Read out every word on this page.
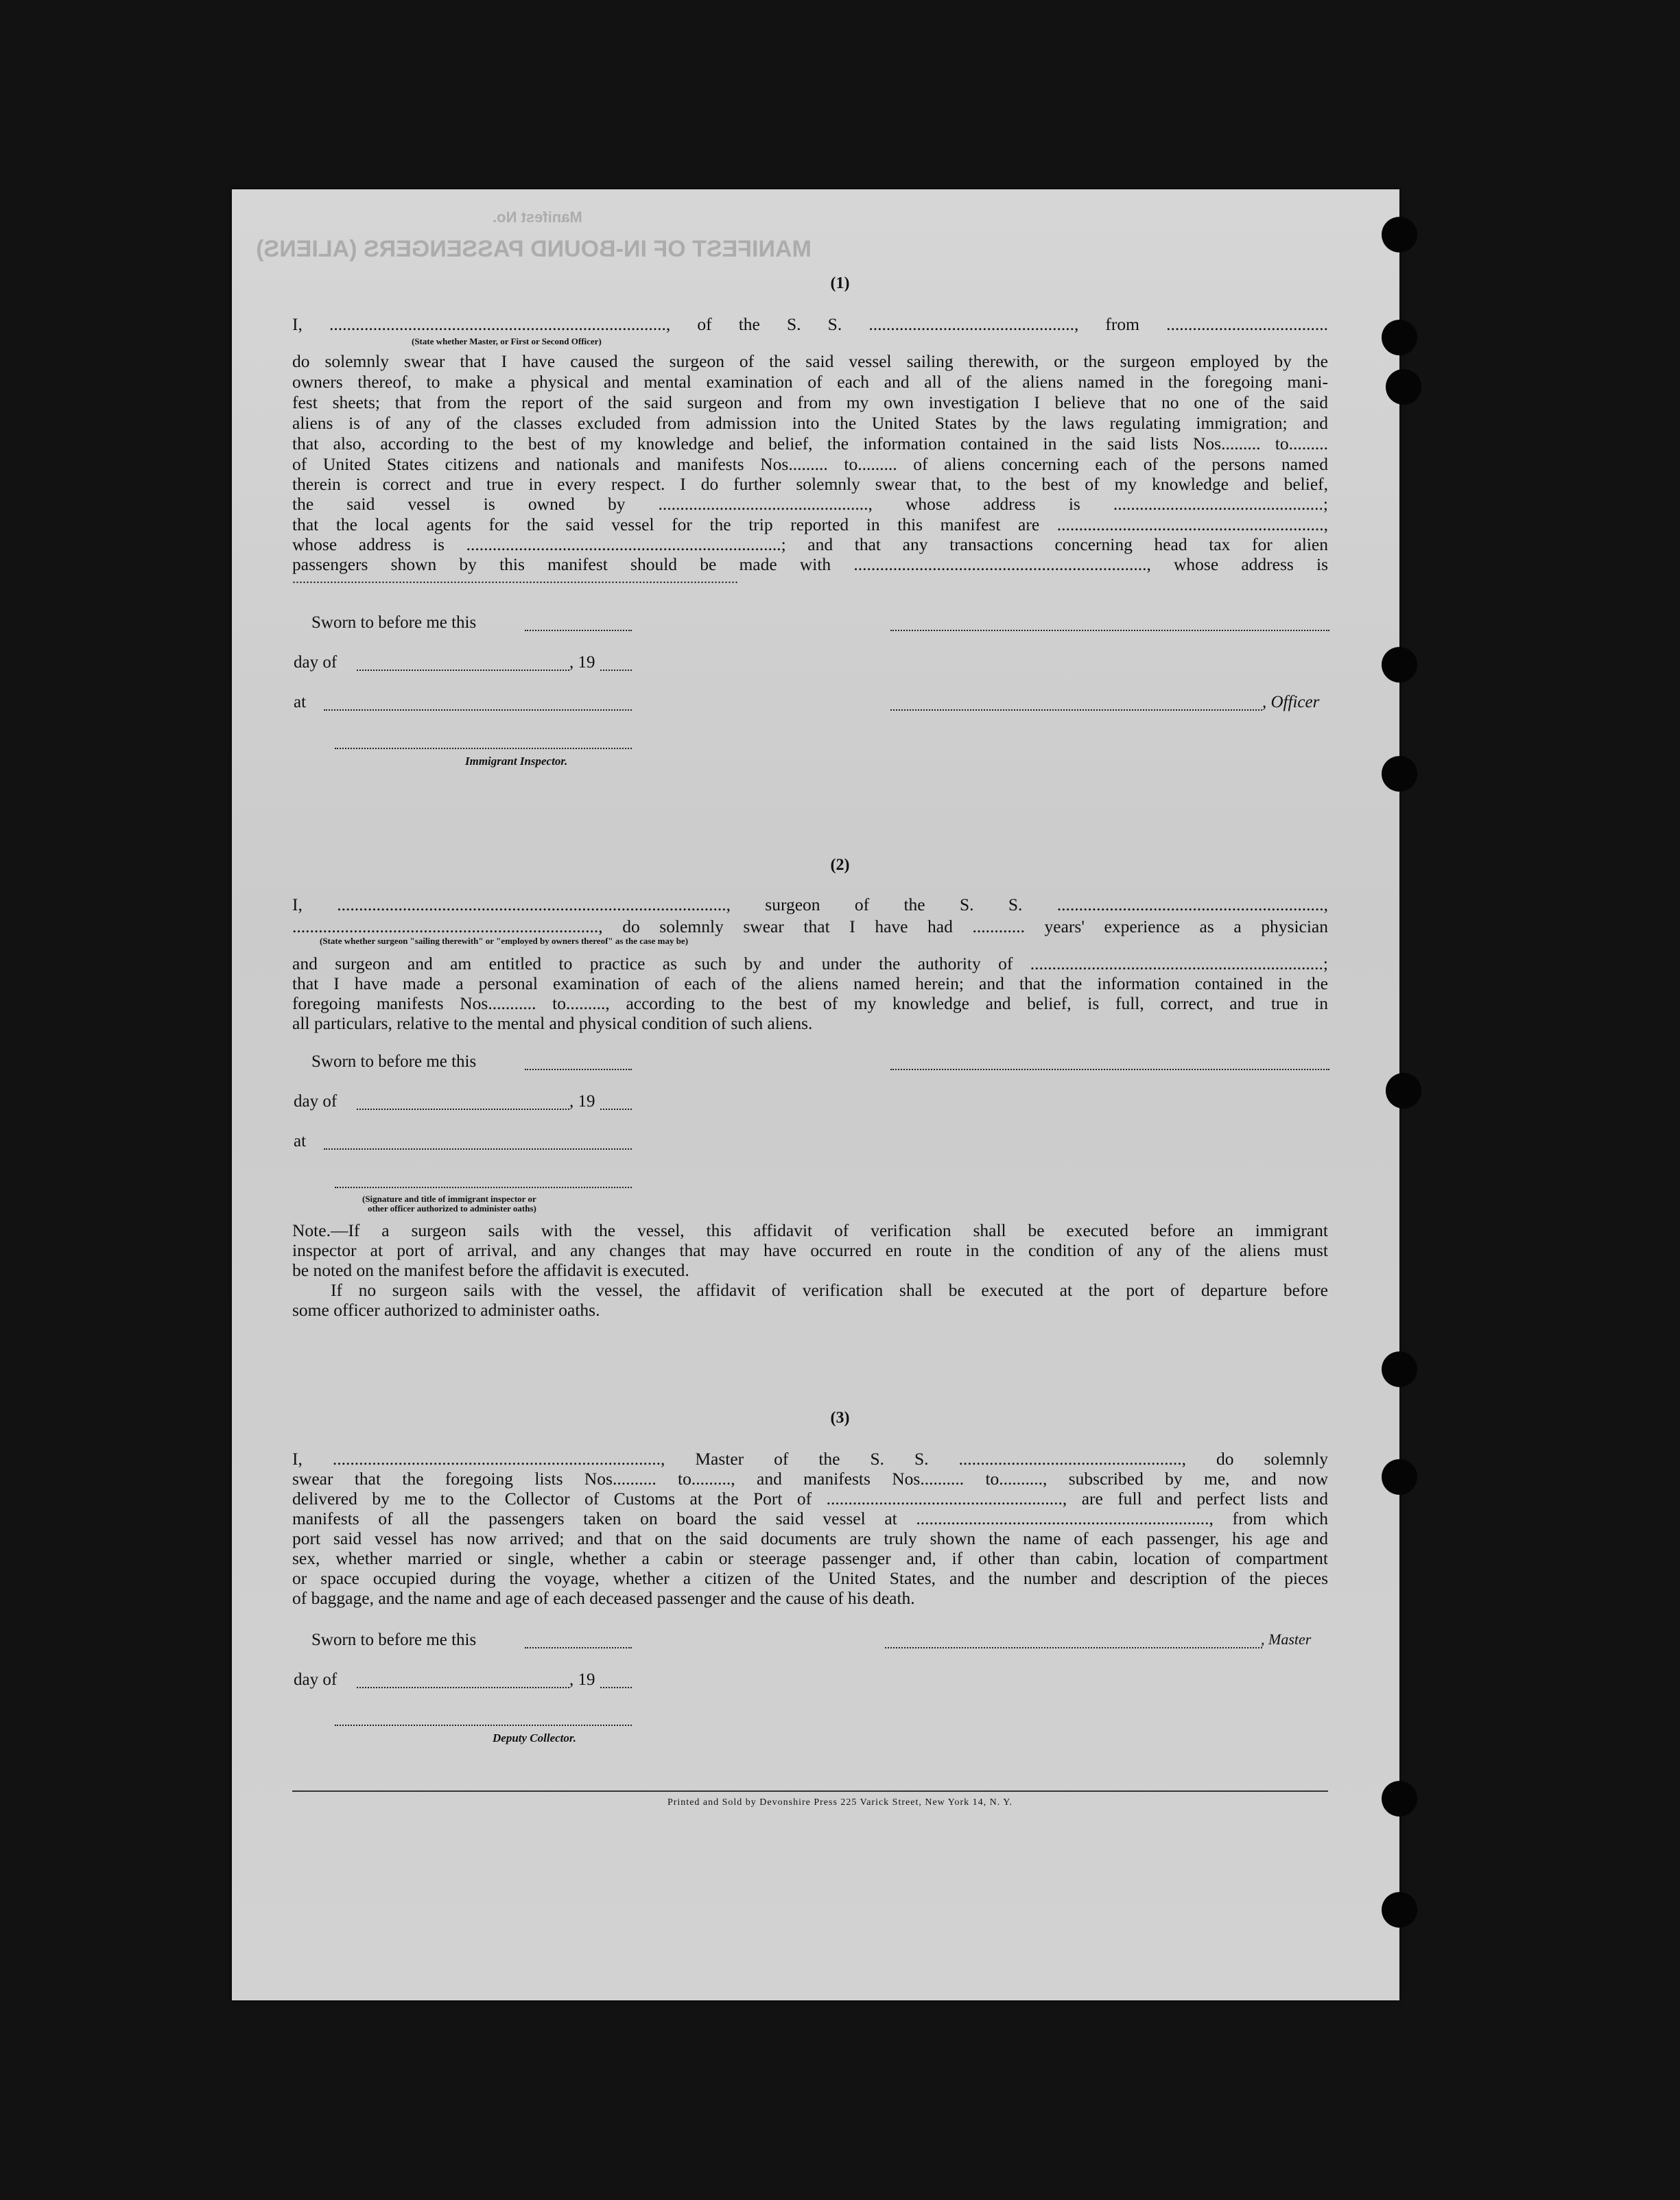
MANIFEST OF IN-BOUND PASSENGERS (ALIENS)
Manifest No.
(1)
I, ............................................................................., of the S. S. ..............................................., from .....................................
(State whether Master, or First or Second Officer)
do solemnly swear that I have caused the surgeon of the said vessel sailing therewith, or the surgeon employed by the
owners thereof, to make a physical and mental examination of each and all of the aliens named in the foregoing mani-
fest sheets; that from the report of the said surgeon and from my own investigation I believe that no one of the said
aliens is of any of the classes excluded from admission into the United States by the laws regulating immigration; and
that also, according to the best of my knowledge and belief, the information contained in the said lists Nos......... to.........
of United States citizens and nationals and manifests Nos......... to......... of aliens concerning each of the persons named
therein is correct and true in every respect. I do further solemnly swear that, to the best of my knowledge and belief,
the said vessel is owned by ................................................, whose address is ................................................;
that the local agents for the said vessel for the trip reported in this manifest are .............................................................,
whose address is ........................................................................; and that any transactions concerning head tax for alien
passengers shown by this manifest should be made with ..................................................................., whose address is
..................................................................................................................................
Sworn to before me this
day of	, 19
at	, Officer
Immigrant Inspector.
(2)
I, ........................................................................................., surgeon of the S. S. .............................................................,
......................................................................, do solemnly swear that I have had ............ years' experience as a physician
(State whether surgeon "sailing therewith" or "employed by owners thereof" as the case may be)
and surgeon and am entitled to practice as such by and under the authority of ...................................................................;
that I have made a personal examination of each of the aliens named herein; and that the information contained in the
foregoing manifests Nos........... to........., according to the best of my knowledge and belief, is full, correct, and true in
all particulars, relative to the mental and physical condition of such aliens.
Sworn to before me this
day of	, 19
at
(Signature and title of immigrant inspector or
other officer authorized to administer oaths)
Note.—If a surgeon sails with the vessel, this affidavit of verification shall be executed before an immigrant
inspector at port of arrival, and any changes that may have occurred en route in the condition of any of the aliens must
be noted on the manifest before the affidavit is executed.
If no surgeon sails with the vessel, the affidavit of verification shall be executed at the port of departure before
some officer authorized to administer oaths.
(3)
I, ..........................................................................., Master of the S. S. ..................................................., do solemnly
swear that the foregoing lists Nos.......... to........., and manifests Nos.......... to.........., subscribed by me, and now
delivered by me to the Collector of Customs at the Port of ......................................................, are full and perfect lists and
manifests of all the passengers taken on board the said vessel at ..................................................................., from which
port said vessel has now arrived; and that on the said documents are truly shown the name of each passenger, his age and
sex, whether married or single, whether a cabin or steerage passenger and, if other than cabin, location of compartment
or space occupied during the voyage, whether a citizen of the United States, and the number and description of the pieces
of baggage, and the name and age of each deceased passenger and the cause of his death.
Sworn to before me this	, Master
day of	, 19
Deputy Collector.
Printed and Sold by Devonshire Press 225 Varick Street, New York 14, N. Y.
